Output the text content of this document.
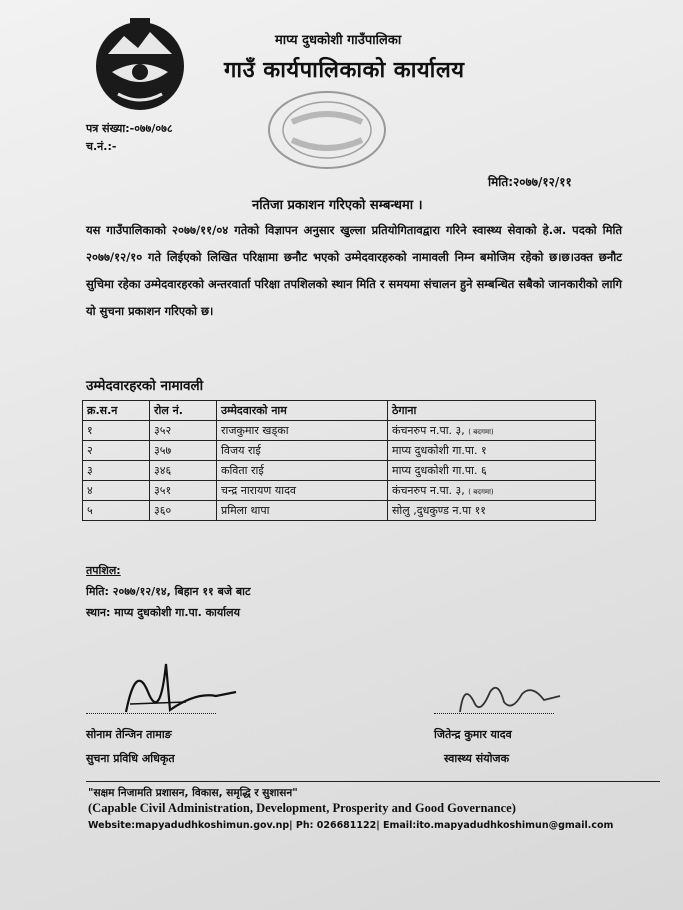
माप्य दुधकोशी गाउँपालिका
गाउँ कार्यपालिकाको कार्यालय
पत्र संख्या:-०७७/०७८
च.नं.:-
मिति:२०७७/१२/११
नतिजा प्रकाशन गरिएको सम्बन्धमा ।
यस गाउँपालिकाको २०७७/११/०४ गतेको विज्ञापन अनुसार खुल्ला प्रतियोगितावद्वारा गरिने स्वास्थ्य सेवाको हे.अ. पदको मिति २०७७/१२/१० गते लिईएको लिखित परिक्षामा छनौट भएको उम्मेदवारहरुको नामावली निम्न बमोजिम रहेको छ।छ।उक्त छनौट सुचिमा रहेका उम्मेदवारहरको अन्तरवार्ता परिक्षा तपशिलको स्थान मिति र समयमा संचालन हुने सम्बन्धित सबैको जानकारीको लागि यो सुचना प्रकाशन गरिएको छ।
उम्मेदवारहरको नामावली
क्र.स.न	रोल नं.	उम्मेदवारको नाम	ठेगाना
१	३५२	राजकुमार खड्का	कंचनरुप न.पा. ३, ( बदगमा)
२	३५७	विजय राई	माप्य दुधकोशी गा.पा. १
३	३४६	कविता राई	माप्य दुधकोशी गा.पा. ६
४	३५१	चन्द्र नारायण यादव	कंचनरुप न.पा. ३, ( बदगमा)
५	३६०	प्रमिला थापा	सोलु ,दुधकुण्ड न.पा ११
तपशिल:
मिति: २०७७/१२/१४, बिहान ११ बजे बाट
स्थान: माप्य दुधकोशी गा.पा. कार्यालय
सोनाम तेन्जिन तामाङ
सुचना प्रविधि अधिकृत
जितेन्द्र कुमार यादव
स्वास्थ्य संयोजक
"सक्षम निजामति प्रशासन, विकास, समृद्धि र सुशासन"
(Capable Civil Administration, Development, Prosperity and Good Governance)
Website:mapyadudhkoshimun.gov.np| Ph: 026681122| Email:ito.mapyadudhkoshimun@gmail.com
